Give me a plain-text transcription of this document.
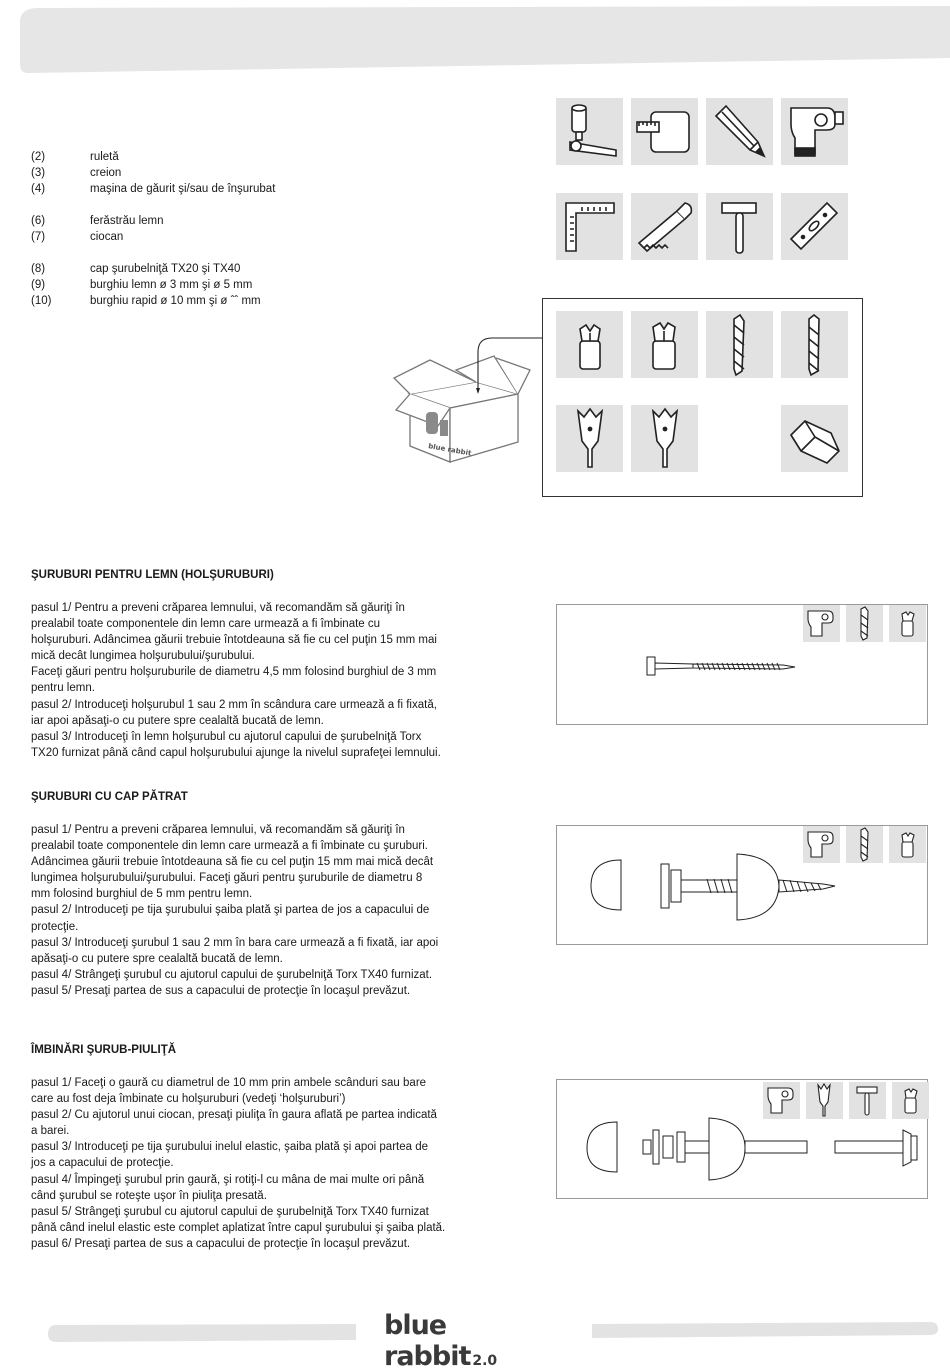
(2)	ruletă
(3)	creion
(4)	maşina de găurit şi/sau de înşurubat
(6)	ferăstrău lemn
(7)	ciocan
(8)	cap şurubelniţă TX20 şi TX40
(9)	burghiu lemn ø 3 mm şi ø 5 mm
(10)	burghiu rapid ø 10 mm şi ø ˆˆ mm
blue rabbit
ŞURUBURI PENTRU LEMN (HOLŞURUBURI)

pasul 1/ Pentru a preveni crăparea lemnului, vă recomandăm să găuriţi în

prealabil toate componentele din lemn care urmează a fi îmbinate cu

holşuruburi. Adâncimea găurii trebuie întotdeauna să fie cu cel puţin 15 mm mai

mică decât lungimea holşurubului/şurubului.

Faceţi găuri pentru holşuruburile de diametru 4,5 mm folosind burghiul de 3 mm

pentru lemn.

pasul 2/ Introduceţi holşurubul 1 sau 2 mm în scândura care urmează a fi fixată,

iar apoi apăsaţi-o cu putere spre cealaltă bucată de lemn.

pasul 3/ Introduceţi în lemn holşurubul cu ajutorul capului de şurubelniţă Torx

TX20 furnizat până când capul holşurubului ajunge la nivelul suprafeţei lemnului.

ŞURUBURI CU CAP PĂTRAT

pasul 1/ Pentru a preveni crăparea lemnului, vă recomandăm să găuriţi în

prealabil toate componentele din lemn care urmează a fi îmbinate cu şuruburi.

Adâncimea găurii trebuie întotdeauna să fie cu cel puţin 15 mm mai mică decât

lungimea holşurubului/şurubului. Faceţi găuri pentru şuruburile de diametru 8

mm folosind burghiul de 5 mm pentru lemn.

pasul 2/ Introduceţi pe tija şurubului şaiba plată şi partea de jos a capacului de

protecţie.

pasul 3/ Introduceţi şurubul 1 sau 2 mm în bara care urmează a fi fixată, iar apoi

apăsaţi-o cu putere spre cealaltă bucată de lemn.

pasul 4/ Strângeţi şurubul cu ajutorul capului de şurubelniţă Torx TX40 furnizat.

pasul 5/ Presaţi partea de sus a capacului de protecţie în locaşul prevăzut.

ÎMBINĂRI ŞURUB-PIULIŢĂ

pasul 1/ Faceţi o gaură cu diametrul de 10 mm prin ambele scânduri sau bare

care au fost deja îmbinate cu holşuruburi (vedeţi ‘holşuruburi’)

pasul 2/ Cu ajutorul unui ciocan, presaţi piuliţa în gaura aflată pe partea indicată

a barei.

pasul 3/ Introduceţi pe tija şurubului inelul elastic, şaiba plată şi apoi partea de

jos a capacului de protecţie.

pasul 4/ Împingeţi şurubul prin gaură, şi rotiţi-l cu mâna de mai multe ori până

când şurubul se roteşte uşor în piuliţa presată.

pasul 5/ Strângeţi şurubul cu ajutorul capului de şurubelniţă Torx TX40 furnizat

până când inelul elastic este complet aplatizat între capul şurubului şi şaiba plată.

pasul 6/ Presaţi partea de sus a capacului de protecţie în locaşul prevăzut.

blue rabbit 2.0
